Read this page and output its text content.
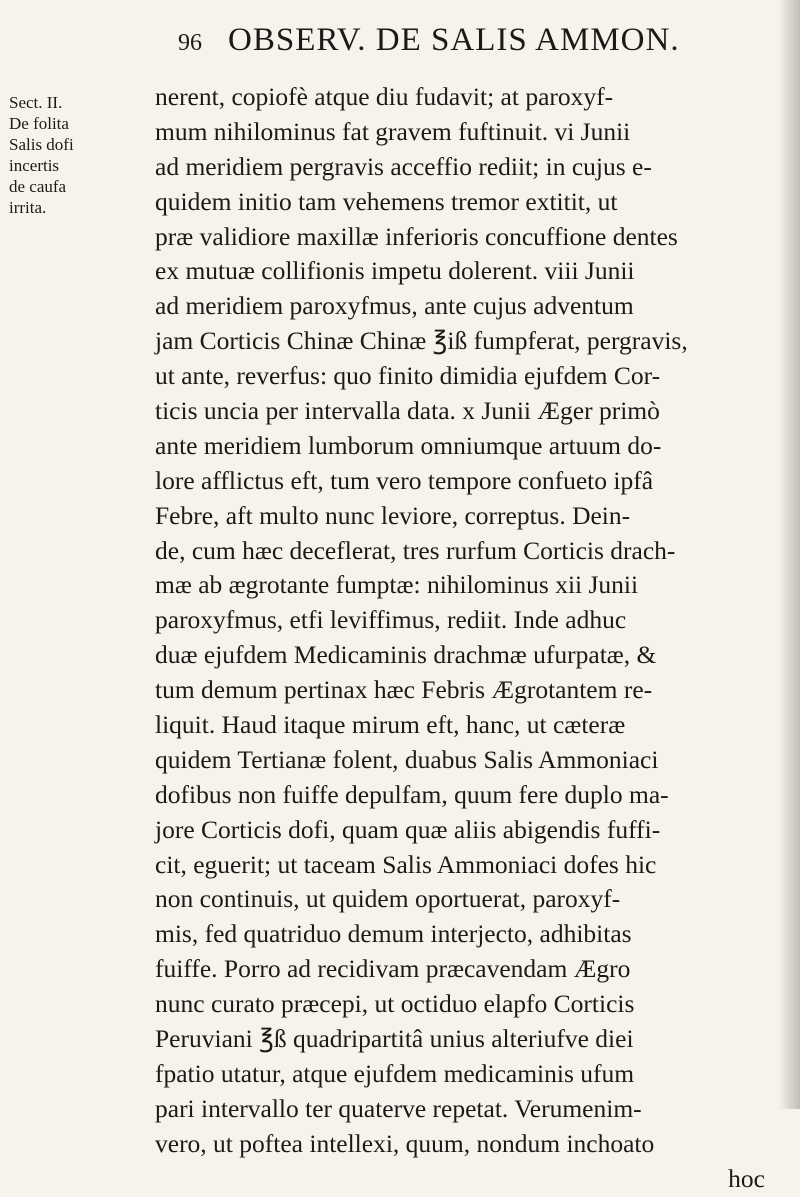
96 OBSERV. DE SALIS AMMON.
Sect. II.
De folita
Salis dofi
incertis
de caufa
irrita.
nerent, copiofè atque diu fudavit; at paroxyf-
mum nihilominus fat gravem fuftinuit. vi Junii
ad meridiem pergravis acceffio rediit; in cujus e-
quidem initio tam vehemens tremor extitit, ut
præ validiore maxillæ inferioris concuffione dentes
ex mutuæ collifionis impetu dolerent. viii Junii
ad meridiem paroxyfmus, ante cujus adventum
jam Corticis Chinæ Chinæ ℥iß fumpferat, pergravis,
ut ante, reverfus: quo finito dimidia ejufdem Cor-
ticis uncia per intervalla data. x Junii Æger primò
ante meridiem lumborum omniumque artuum do-
lore afflictus eft, tum vero tempore confueto ipfâ
Febre, aft multo nunc leviore, correptus. Dein-
de, cum hæc deceflerat, tres rurfum Corticis drach-
mæ ab ægrotante fumptæ: nihilominus xii Junii
paroxyfmus, etfi leviffimus, rediit. Inde adhuc
duæ ejufdem Medicaminis drachmæ ufurpatæ, &
tum demum pertinax hæc Febris Ægrotantem re-
liquit. Haud itaque mirum eft, hanc, ut cæteræ
quidem Tertianæ folent, duabus Salis Ammoniaci
dofibus non fuiffe depulfam, quum fere duplo ma-
jore Corticis dofi, quam quæ aliis abigendis fuffi-
cit, eguerit; ut taceam Salis Ammoniaci dofes hic
non continuis, ut quidem oportuerat, paroxyf-
mis, fed quatriduo demum interjecto, adhibitas
fuiffe. Porro ad recidivam præcavendam Ægro
nunc curato præcepi, ut octiduo elapfo Corticis
Peruviani ℥ß quadripartitâ unius alteriufve diei
fpatio utatur, atque ejufdem medicaminis ufum
pari intervallo ter quaterve repetat. Verumenim-
vero, ut poftea intellexi, quum, nondum inchoato
hoc
